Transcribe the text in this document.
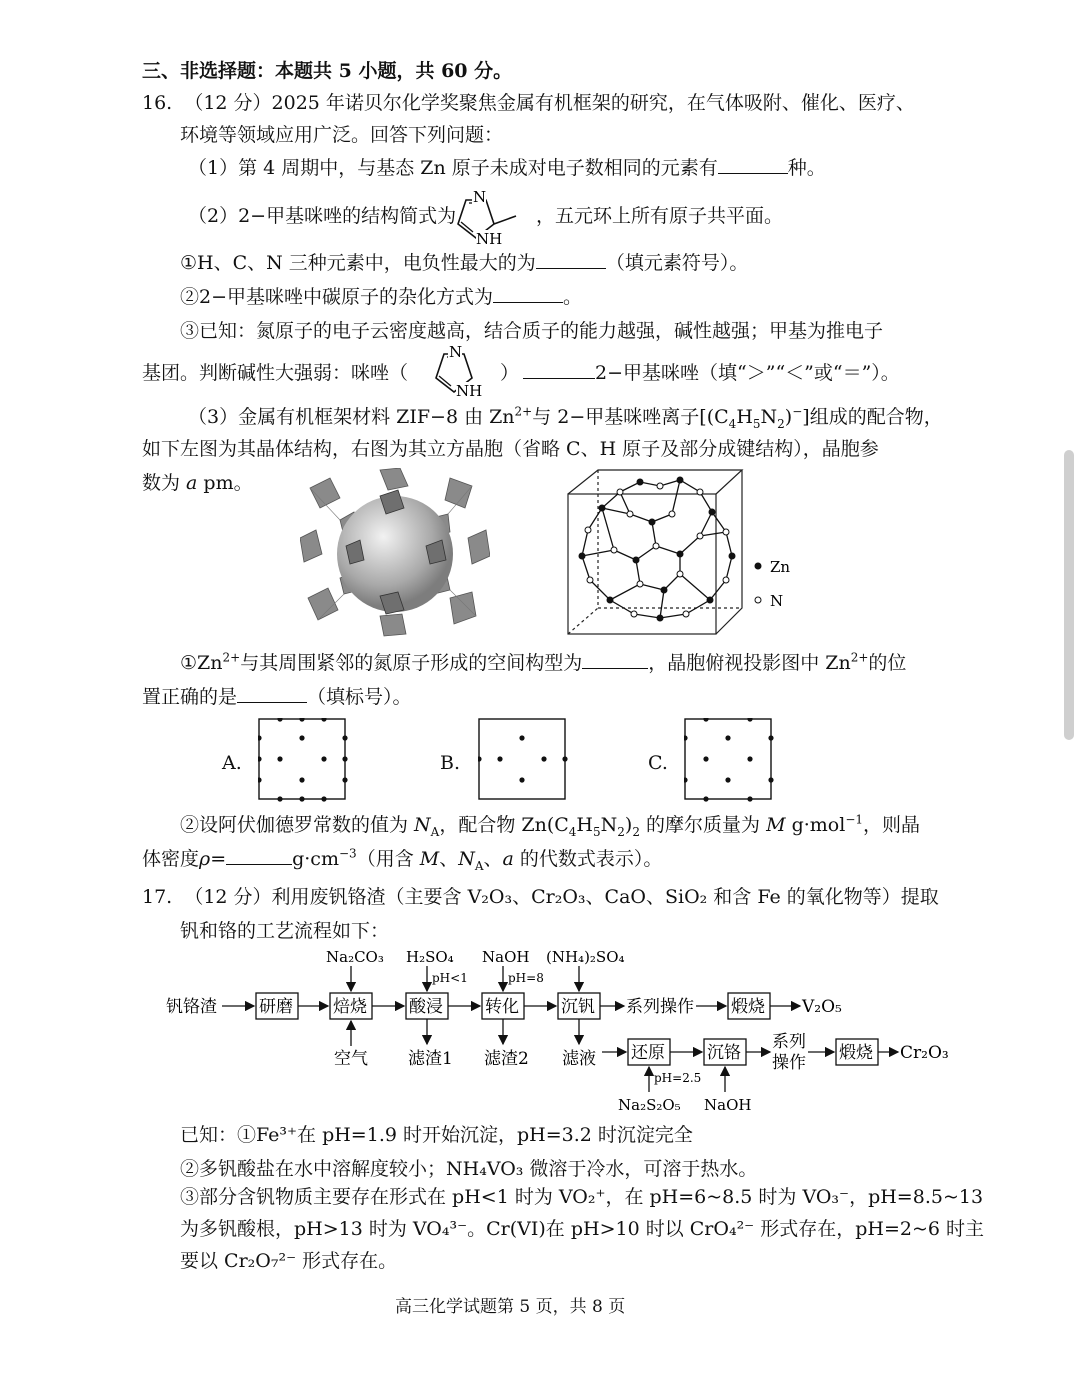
三、非选择题：本题共 5 小题，共 60 分。
16. （12 分）2025 年诺贝尔化学奖聚焦金属有机框架的研究，在气体吸附、催化、医疗、
环境等领域应用广泛。回答下列问题：
（1）第 4 周期中，与基态 Zn 原子未成对电子数相同的元素有	种。
（2）2−甲基咪唑的结构简式为
N
NH
，五元环上所有原子共平面。
①H、C、N 三种元素中，电负性最大的为	（填元素符号）。
②2−甲基咪唑中碳原子的杂化方式为	。
③已知：氮原子的电子云密度越高，结合质子的能力越强，碱性越强；甲基为推电子
基团。判断碱性大强弱：咪唑（
N
NH
）	2−甲基咪唑（填“＞”“＜”或“＝”）。
（3）金属有机框架材料 ZIF−8 由 $Zn^{2+}$与 2−甲基咪唑离子$[(C_4H_5N_2)^-]$组成的配合物，
如下左图为其晶体结构，右图为其立方晶胞（省略 C、H 原子及部分成键结构），晶胞参
数为 a pm。
Zn
N
$①Zn^{2+}$与其周围紧邻的氮原子形成的空间构型为	，晶胞俯视投影图中 $Zn^{2+}$的位
置正确的是	（填标号）。
A.	B.	C.
②设阿伏伽德罗常数的值为 $N_A$，配合物 $Zn(C_4H_5N_2)_2$ 的摩尔质量为 M g·mol$^{-1}$，则晶
体密度ρ=	$g\cdot cm^{-3}$（用含 M、$N_A$、a 的代数式表示）。
17. （12 分）利用废钒铬渣（主要含 V₂O₃、Cr₂O₃、CaO、SiO₂ 和含 Fe 的氧化物等）提取
钒和铬的工艺流程如下：
钒铬渣 研磨 焙烧 酸浸 转化 沉钒 系列操作 煅烧 V₂O₅
Na₂CO₃ H₂SO₄
pH<1
NaOH
pH=8
(NH₄)₂SO₄
空气 滤渣1 滤渣2 滤液 还原 沉铬
系列
操作 煅烧 Cr₂O₃
pH=2.5
Na₂S₂O₅ NaOH
已知：①Fe³⁺在 pH=1.9 时开始沉淀，pH=3.2 时沉淀完全
②多钒酸盐在水中溶解度较小；NH₄VO₃ 微溶于冷水，可溶于热水。
③部分含钒物质主要存在形式在 pH<1 时为 VO₂⁺，在 pH=6~8.5 时为 VO₃⁻，pH=8.5~13
为多钒酸根，pH>13 时为 VO₄³⁻。Cr(VI)在 pH>10 时以 CrO₄²⁻ 形式存在，pH=2~6 时主
要以 Cr₂O₇²⁻ 形式存在。
高三化学试题第 5 页，共 8 页
